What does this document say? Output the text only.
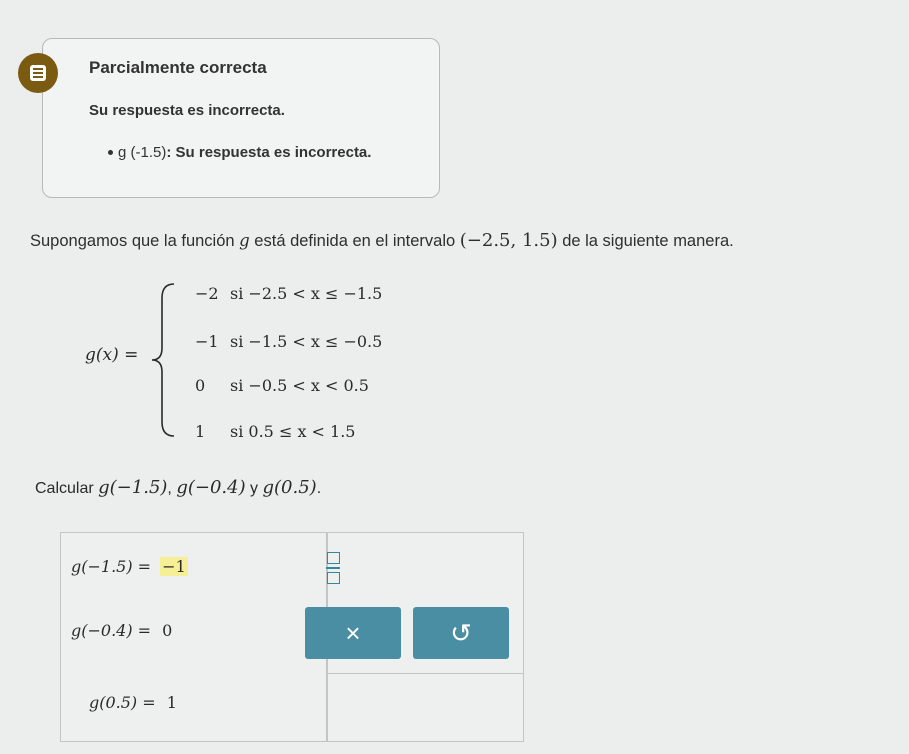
Parcialmente correcta
Su respuesta es incorrecta.
g (-1.5): Su respuesta es incorrecta.
Supongamos que la función g está definida en el intervalo (−2.5, 1.5) de la siguiente manera.
g(x) =
−2 si −2.5 < x ≤ −1.5
−1 si −1.5 < x ≤ −0.5
0 si −0.5 < x < 0.5
1 si 0.5 ≤ x < 1.5
Calcular g(−1.5), g(−0.4) y g(0.5).
g(−1.5) = −1
g(−0.4) = 0
g(0.5) = 1
×	↺
